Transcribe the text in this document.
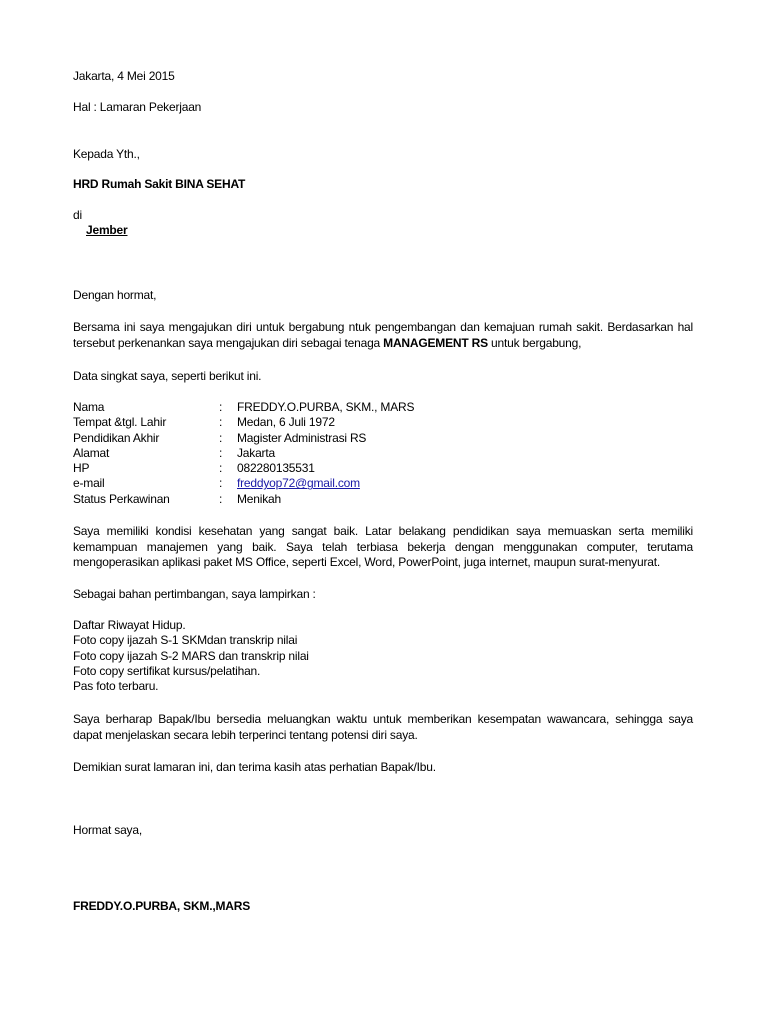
Jakarta, 4 Mei 2015
Hal : Lamaran Pekerjaan
Kepada Yth.,
HRD Rumah Sakit BINA SEHAT
di
Jember
Dengan hormat,
Bersama ini saya mengajukan diri untuk bergabung ntuk pengembangan dan kemajuan rumah sakit. Berdasarkan hal
tersebut perkenankan saya mengajukan diri sebagai tenaga MANAGEMENT RS untuk bergabung,
Data singkat saya, seperti berikut ini.
Nama	: FREDDY.O.PURBA, SKM., MARS
Tempat &tgl. Lahir	: Medan, 6 Juli 1972
Pendidikan Akhir	: Magister Administrasi RS
Alamat	: Jakarta
HP	: 082280135531
e-mail	: freddyop72@gmail.com
Status Perkawinan	: Menikah
Saya memiliki kondisi kesehatan yang sangat baik. Latar belakang pendidikan saya memuaskan serta memiliki
kemampuan manajemen yang baik. Saya telah terbiasa bekerja dengan menggunakan computer, terutama
mengoperasikan aplikasi paket MS Office, seperti Excel, Word, PowerPoint, juga internet, maupun surat-menyurat.
Sebagai bahan pertimbangan, saya lampirkan :
Daftar Riwayat Hidup.
Foto copy ijazah S-1 SKMdan transkrip nilai
Foto copy ijazah S-2 MARS dan transkrip nilai
Foto copy sertifikat kursus/pelatihan.
Pas foto terbaru.
Saya berharap Bapak/Ibu bersedia meluangkan waktu untuk memberikan kesempatan wawancara, sehingga saya
dapat menjelaskan secara lebih terperinci tentang potensi diri saya.
Demikian surat lamaran ini, dan terima kasih atas perhatian Bapak/Ibu.
Hormat saya,
FREDDY.O.PURBA, SKM.,MARS
